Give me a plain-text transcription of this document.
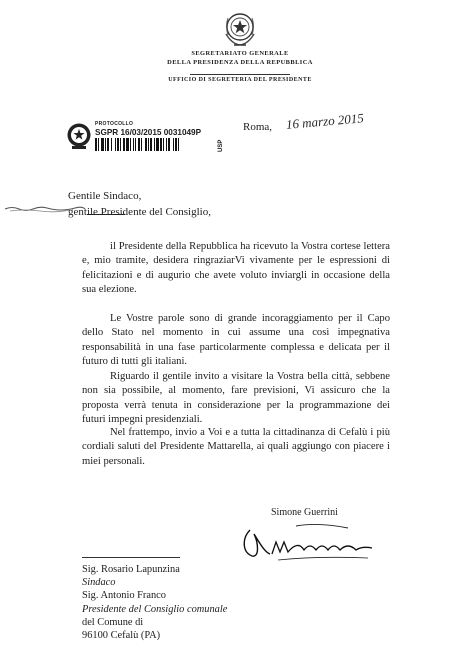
SEGRETARIATO GENERALE
DELLA PRESIDENZA DELLA REPUBBLICA
UFFICIO DI SEGRETERIA DEL PRESIDENTE
PROTOCOLLO
SGPR 16/03/2015 0031049P
USP
Roma, 16 marzo 2015
Gentile Sindaco,
gentile Presidente del Consiglio,

il Presidente della Repubblica ha ricevuto la Vostra cortese lettera e, mio tramite, desidera ringraziarVi vivamente per le espressioni di felicitazioni e di augurio che avete voluto inviargli in occasione della sua elezione.

Le Vostre parole sono di grande incoraggiamento per il Capo dello Stato nel momento in cui assume una così impegnativa responsabilità in una fase particolarmente complessa e delicata per il futuro di tutti gli italiani.

Riguardo il gentile invito a visitare la Vostra bella città, sebbene non sia possibile, al momento, fare previsioni, Vi assicuro che la proposta verrà tenuta in considerazione per la programmazione dei futuri impegni presidenziali.

Nel frattempo, invio a Voi e a tutta la cittadinanza di Cefalù i più cordiali saluti del Presidente Mattarella, ai quali aggiungo con piacere i miei personali.

Simone Guerrini
Sig. Rosario Lapunzina
Sindaco
Sig. Antonio Franco
Presidente del Consiglio comunale
del Comune di
96100 Cefalù (PA)
